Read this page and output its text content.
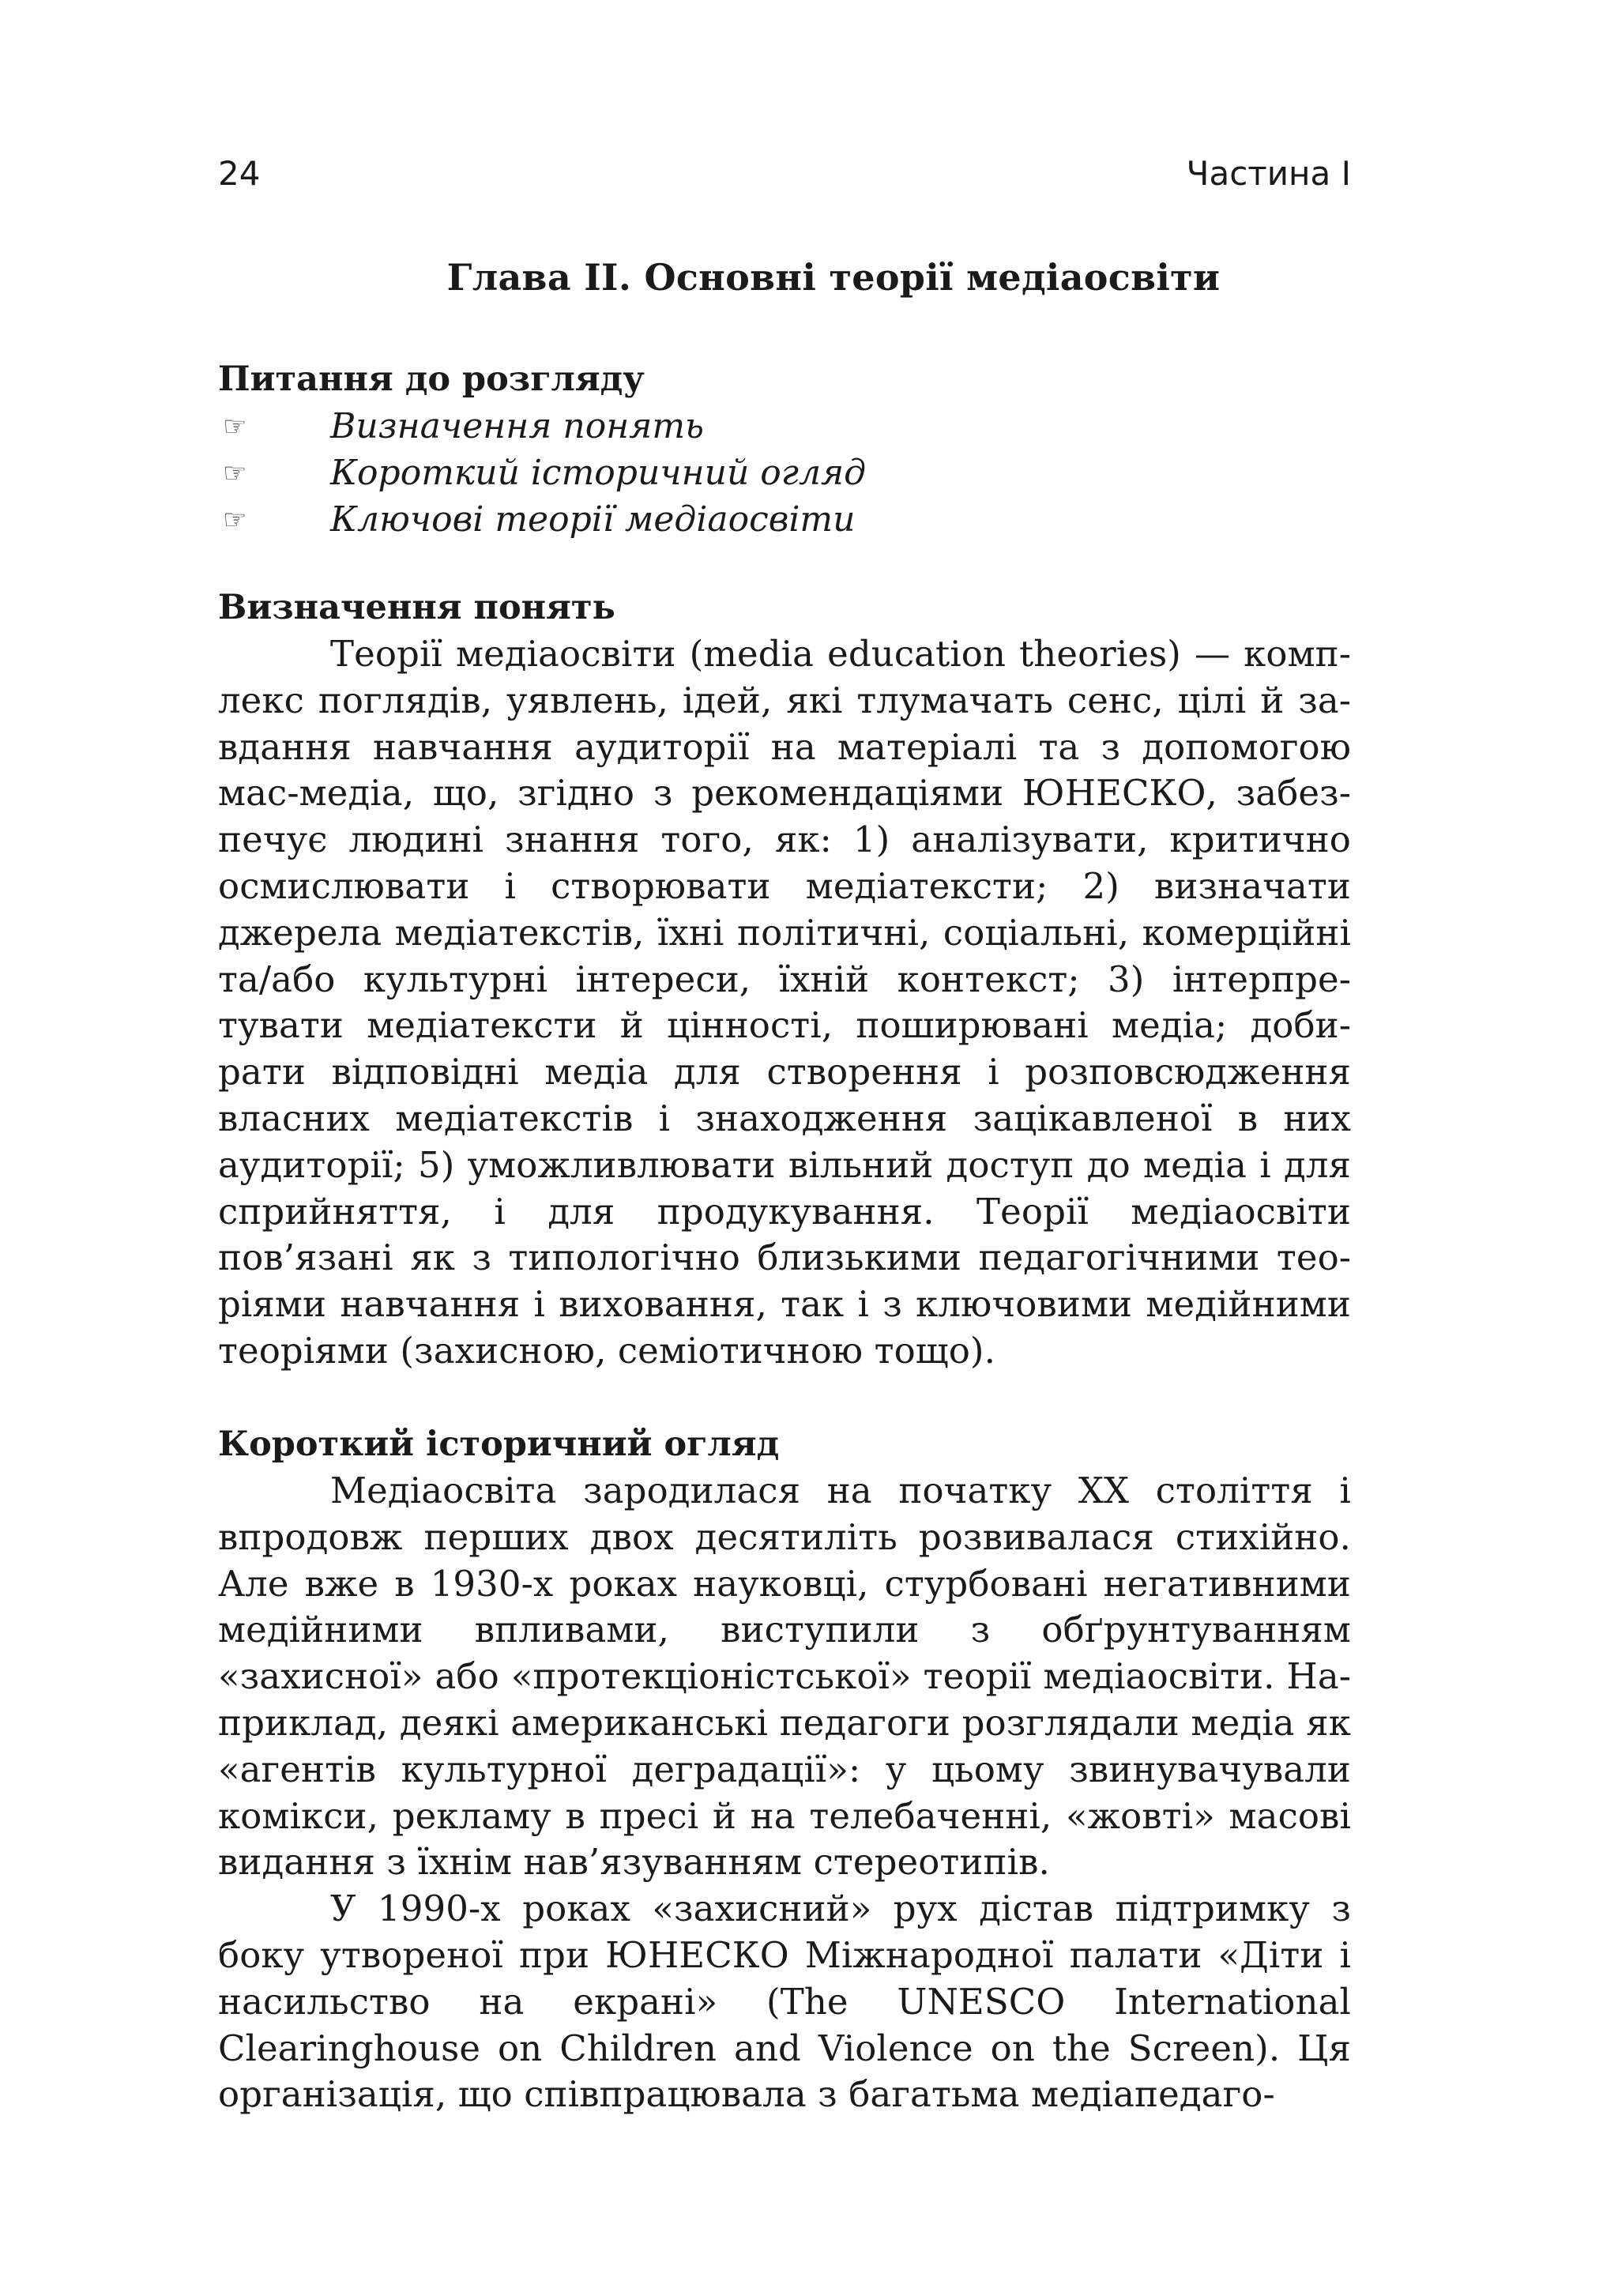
24	Частина І
Глава ІІ. Основні теорії медіаосвіти
Питання до розгляду
☞ Визначення понять
☞ Короткий історичний огляд
☞ Ключові теорії медіаосвіти
Визначення понять

Теорії медіаосвіти (media education theories) — комплекс поглядів, уявлень, ідей, які тлумачать сенс, цілі й завдання навчання аудиторії на матеріалі та з допомогою мас-медіа, що, згідно з рекомендаціями ЮНЕСКО, забезпечує людині знання того, як: 1) аналізувати, критично осмислювати і створювати медіатексти; 2) визначати джерела медіатекстів, їхні політичні, соціальні, комерційні та/або культурні інтереси, їхній контекст; 3) інтерпретувати медіатексти й цінності, поширювані медіа; добирати відповідні медіа для створення і розповсюдження власних медіатекстів і знаходження зацікавленої в них аудиторії; 5) уможливлювати вільний доступ до медіа і для сприйняття, і для продукування. Теорії медіаосвіти пов’язані як з типологічно близькими педагогічними теоріями навчання і виховання, так і з ключовими медійними теоріями (захисною, семіотичною тощо).

Короткий історичний огляд

Медіаосвіта зародилася на початку ХХ століття і впродовж перших двох десятиліть розвивалася стихійно. Але вже в 1930-х роках науковці, стурбовані негативними медійними впливами, виступили з обґрунтуванням «захисної» або «протекціоністської» теорії медіаосвіти. Наприклад, деякі американські педагоги розглядали медіа як «агентів культурної деградації»: у цьому звинувачували комікси, рекламу в пресі й на телебаченні, «жовті» масові видання з їхнім нав’язуванням стереотипів.

У 1990-х роках «захисний» рух дістав підтримку з боку утвореної при ЮНЕСКО Міжнародної палати «Діти і насильство на екрані» (The UNESCO International Clearinghouse on Children and Violence on the Screen). Ця організація, що співпрацювала з багатьма медіапедаго-
